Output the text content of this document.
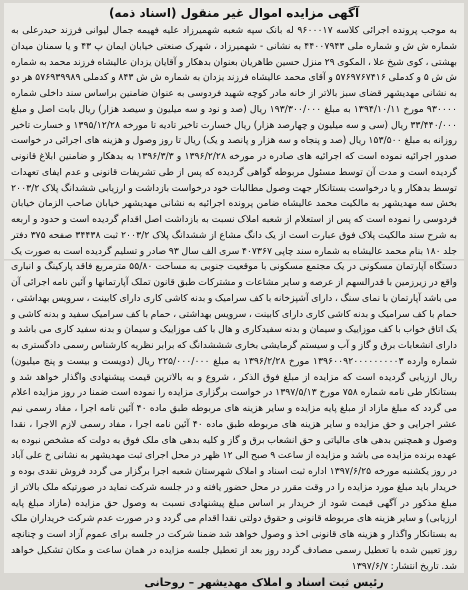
آگهی مزایده اموال غیر منقول (اسناد ذمه)

به موجب پرونده اجرائی کلاسه ۹۶۰۰۰۱۷ له بانک سپه شعبه شهمیرزاد علیه فهیمه جمال لیوانی فرزند حیدرعلی به شماره ش ش و شماره ملی ۴۴۰۰۷۹۴۳ به نشانی - شهمیرزاد ، شهرک صنعتی خیابان ایمان پ ۴۳ و یا سمنان میدان بهشتی ، کوی شیخ علا ، المکوی ۲۹ منزل حسین طاهریان بعنوان بدهکار و آقایان یزدان عالیشاه فرزند محمد به شماره ش ش ۵ و کدملی ۵۷۶۹۷۶۷۴۱۶ و آقای محمد عالیشاه فرزند یزدان به شماره ش ش ۸۴۳ و کدملی ۵۷۶۹۳۹۹۸۹ هر دو به نشانی مهدیشهر قضای سبز بالاتر از خانه مادر کوچه شهید فردوسی به عنوان ضامنین براساس سند داخلی شماره ۹۳۰۰۰۰ مورخ ۱۳۹۴/۱۰/۱۱ به مبلغ ۱۹۳/۳۰۰/۰۰۰ ریال (صد و نود و سه میلیون و سیصد هزار) ریال بابت اصل و مبلغ ۳۳/۴۴۰/۰۰۰ ریال (سی و سه میلیون و چهارصد هزار) ریال خسارت تاخیر تادیه تا مورخه ۱۳۹۵/۱۲/۲۸ و خسارت تاخیر روزانه به مبلغ ۱۵۳/۵۰۰ ریال (صد و پنجاه و سه هزار و پانصد و یک) ریال تا روز وصول و هزینه های اجرائی در خواست صدور اجرائیه نموده است که اجرائیه های صادره در مورخه ۱۳۹۶/۲/۲۸ و ۱۳۹۶/۳/۳ به بدهکار و ضامنین ابلاغ قانونی گردیده است و مدت آن توسط مسئول مربوطه گواهی گردیده که پس از طی تشریفات قانونی و عدم ایفای تعهدات توسط بدهکار و یا درخواست بستانکار جهت وصول مطالبات خود درخواست بازداشت و ارزیابی ششدانگ پلاک ۲۰۰۳/۲ بخش سه مهدیشهر به مالکیت محمد عالیشاه ضامن پرونده اجرائیه به نشانی مهدیشهر خیابان صاحب الزمان خیابان فردوسی را نموده است که پس از استعلام از شعبه املاک نسبت به بازداشت اصل اقدام گردیده است و حدود و اربعه به شرح سند مالکیت پلاک فوق عبارت است از یک دانگ مشاع از ششدانگ پلاک ۲۰۰۳/۲ ثبت ۳۴۴۳۸ صفحه ۳۷۵ دفتر جلد ۱۸۰ بنام محمد عالیشاه به شماره سند چاپی ۴۰۷۳۶۷ سری الف سال ۹۳ صادر و تسلیم گردیده است به صورت یک دستگاه آپارتمان مسکونی در یک مجتمع مسکونی با موقعیت جنوبی به مساحت ۵۵/۸۰ مترمربع فاقد پارکینگ و انباری واقع در زیرزمین با قدرالسهم از عرصه و سایر مشاعات و مشترکات طبق قانون تملک آپارتمانها و آئین نامه اجرائی آن می باشد آپارتمان با نمای سنگ ، دارای آشپزخانه با کف سرامیک و بدنه کاشی کاری دارای کابینت ، سرویس بهداشتی ، حمام با کف سرامیک و بدنه کاشی کاری دارای کابینت ، سرویس بهداشتی ، حمام با کف سرامیک سفید و بدنه کاشی و یک اتاق خواب با کف موزاییک و سیمان و بدنه سفیدکاری و هال با کف موزاییک و سیمان و بدنه سفید کاری می باشد و دارای انشعابات برق و گاز و آب و سیستم گرمایشی بخاری شششدانگ که برابر نظریه کارشناس رسمی دادگستری به شماره وارده ۱۳۹۶۰۰۹۲۰۰۰۰۰۰۰۰۰۳ مورخ ۱۳۹۶/۲/۲۸ به مبلغ ۲۲۵/۰۰۰/۰۰۰ ریال (دویست و بیست و پنج میلیون) ریال ارزیابی گردیده است که مزایده از مبلغ فوق الذکر ، شروع و به بالاترین قیمت پیشنهادی واگذار خواهد شد و بستانکار طی نامه شماره ۷۵۸ مورخ ۱۳۹۷/۵/۱۳ در خواست برگزاری مزایده را نموده است ضمنا در روز مزایده اعلام می گردد که مبلغ مازاد از مبلغ پایه مزایده و سایر هزینه های مربوطه طبق ماده ۴۰ آئین نامه اجرا ، مفاد رسمی نیم عشر اجرایی و حق مزایده و سایر هزینه های مربوطه طبق ماده ۴۰ آئین نامه اجرا ، مفاد رسمی لازم الاجرا ، نقدا وصول و همچنین بدهی های مالیاتی و حق انشعاب برق و گاز و کلیه بدهی های ملک فوق به دولت که مشخص نبوده به عهده برنده مزایده می باشد و مزایده از ساعت ۹ صبح الی ۱۲ ظهر در محل اجرای ثبت مهدیشهر به نشانی خ علی آباد در روز یکشنبه مورخه ۱۳۹۷/۶/۲۵ اداره ثبت اسناد و املاک شهرستان شعبه اجرا برگزار می گردد فروش نقدی بوده و خریدار باید مبلغ مورد مزایده را در وقت مقرر در محل حضور یافته و در جلسه شرکت نماید در صورتیکه ملک بالاتر از مبلغ مذکور در آگهی قیمت شود از خریدار بر اساس مبلغ پیشنهادی نسبت به وصول حق مزایده (مازاد مبلغ پایه ارزیابی) و سایر هزینه های مربوطه قانونی و حقوق دولتی نقدا اقدام می گردد و در صورت عدم شرکت خریداران ملک به بستانکار واگذار و هزینه های قانونی اخذ و وصول خواهد شد ضمنا شرکت در جلسه برای عموم آزاد است و چنانچه روز تعیین شده با تعطیل رسمی مصادف گردد روز بعد از تعطیل جلسه مزایده در همان ساعت و مکان تشکیل خواهد شد. تاریخ انتشار: ۱۳۹۷/۶/۷

رئیس ثبت اسناد و املاک مهدیشهر – روحانی
